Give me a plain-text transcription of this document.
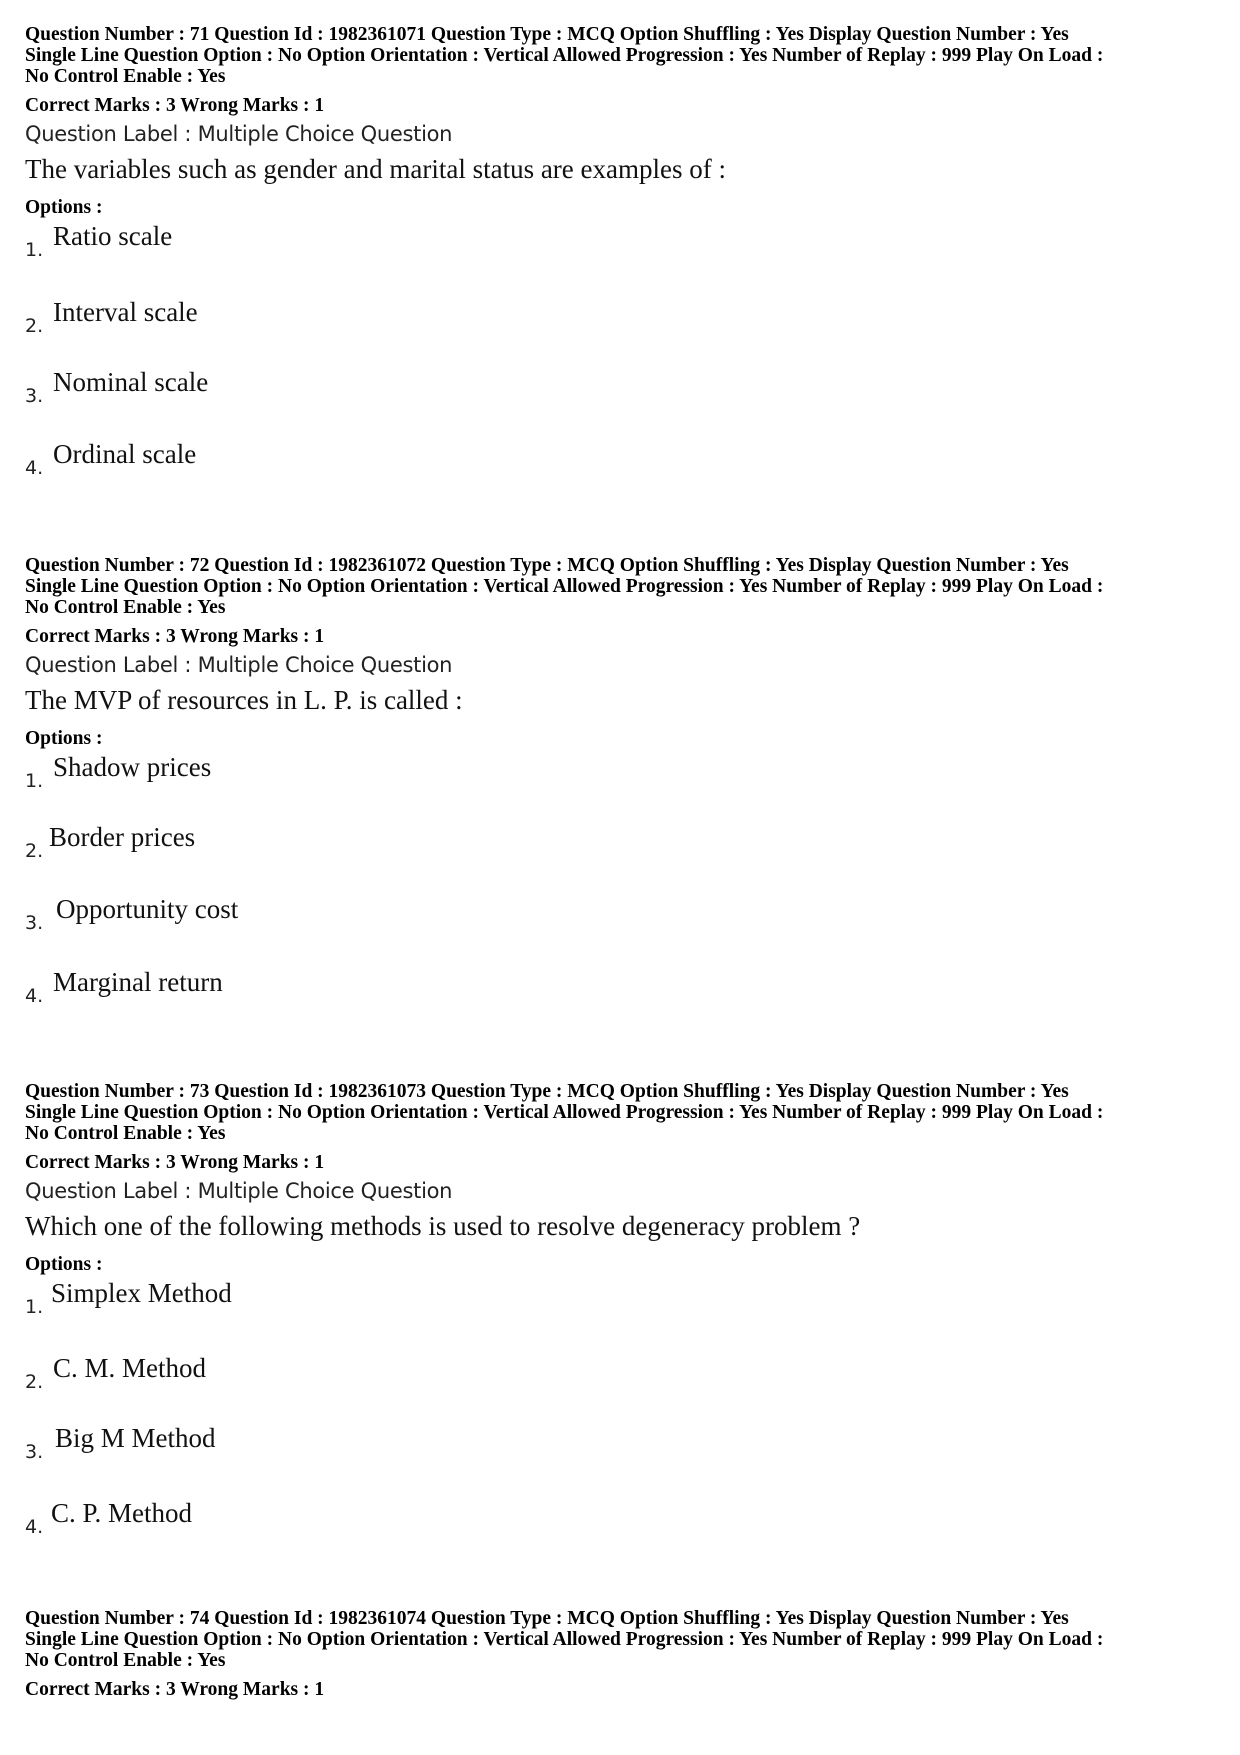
Question Number : 71 Question Id : 1982361071 Question Type : MCQ Option Shuffling : Yes Display Question Number : Yes
Single Line Question Option : No Option Orientation : Vertical Allowed Progression : Yes Number of Replay : 999 Play On Load :
No Control Enable : Yes
Correct Marks : 3 Wrong Marks : 1
Question Label : Multiple Choice Question
The variables such as gender and marital status are examples of :
Options :
1. Ratio scale
2. Interval scale
3. Nominal scale
4. Ordinal scale
Question Number : 72 Question Id : 1982361072 Question Type : MCQ Option Shuffling : Yes Display Question Number : Yes
Single Line Question Option : No Option Orientation : Vertical Allowed Progression : Yes Number of Replay : 999 Play On Load :
No Control Enable : Yes
Correct Marks : 3 Wrong Marks : 1
Question Label : Multiple Choice Question
The MVP of resources in L. P. is called :
Options :
1. Shadow prices
2. Border prices
3. Opportunity cost
4. Marginal return
Question Number : 73 Question Id : 1982361073 Question Type : MCQ Option Shuffling : Yes Display Question Number : Yes
Single Line Question Option : No Option Orientation : Vertical Allowed Progression : Yes Number of Replay : 999 Play On Load :
No Control Enable : Yes
Correct Marks : 3 Wrong Marks : 1
Question Label : Multiple Choice Question
Which one of the following methods is used to resolve degeneracy problem ?
Options :
1. Simplex Method
2. C. M. Method
3. Big M Method
4. C. P. Method
Question Number : 74 Question Id : 1982361074 Question Type : MCQ Option Shuffling : Yes Display Question Number : Yes
Single Line Question Option : No Option Orientation : Vertical Allowed Progression : Yes Number of Replay : 999 Play On Load :
No Control Enable : Yes
Correct Marks : 3 Wrong Marks : 1
